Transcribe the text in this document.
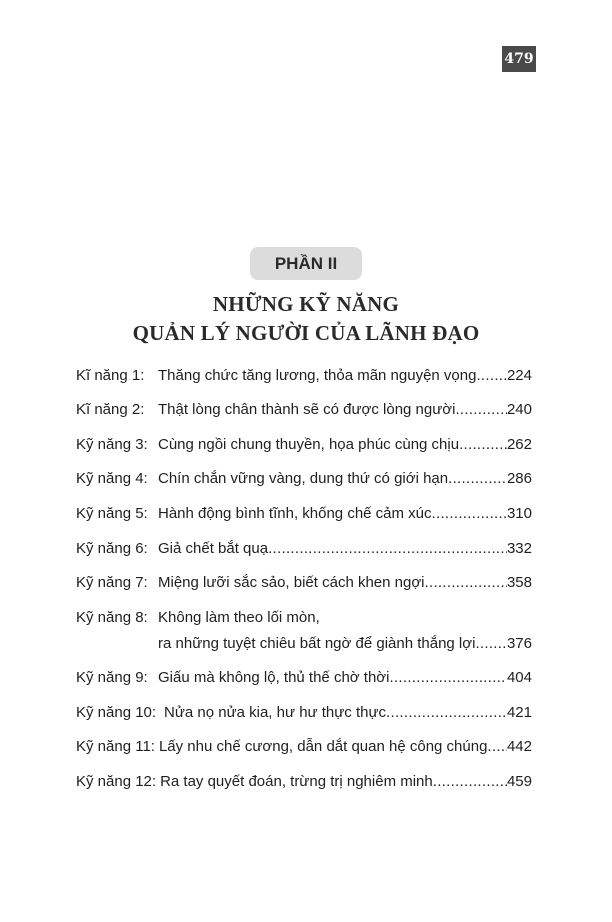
479
PHẦN II
NHỮNG KỸ NĂNG
QUẢN LÝ NGƯỜI CỦA LÃNH ĐẠO
Kĩ năng 1: Thăng chức tăng lương, thỏa mãn nguyện vọng ..... 224
Kĩ năng 2: Thật lòng chân thành sẽ có được lòng người .....	240
Kỹ năng 3: Cùng ngồi chung thuyền, họa phúc cùng chịu .....	262
Kỹ năng 4: Chín chắn vững vàng, dung thứ có giới hạn .....	286
Kỹ năng 5: Hành động bình tĩnh, khống chế cảm xúc .....	310
Kỹ năng 6: Giả chết bắt quạ .....	332
Kỹ năng 7: Miệng lưỡi sắc sảo, biết cách khen ngợi .....	358
Kỹ năng 8: Không làm theo lối mòn,
ra những tuyệt chiêu bất ngờ để giành thắng lợi ..... 376
Kỹ năng 9: Giấu mà không lộ, thủ thế chờ thời .....	404
Kỹ năng 10: Nửa nọ nửa kia, hư hư thực thực .....	421
Kỹ năng 11: Lấy nhu chế cương, dẫn dắt quan hệ công chúng ..... 442
Kỹ năng 12: Ra tay quyết đoán, trừng trị nghiêm minh .....	459
